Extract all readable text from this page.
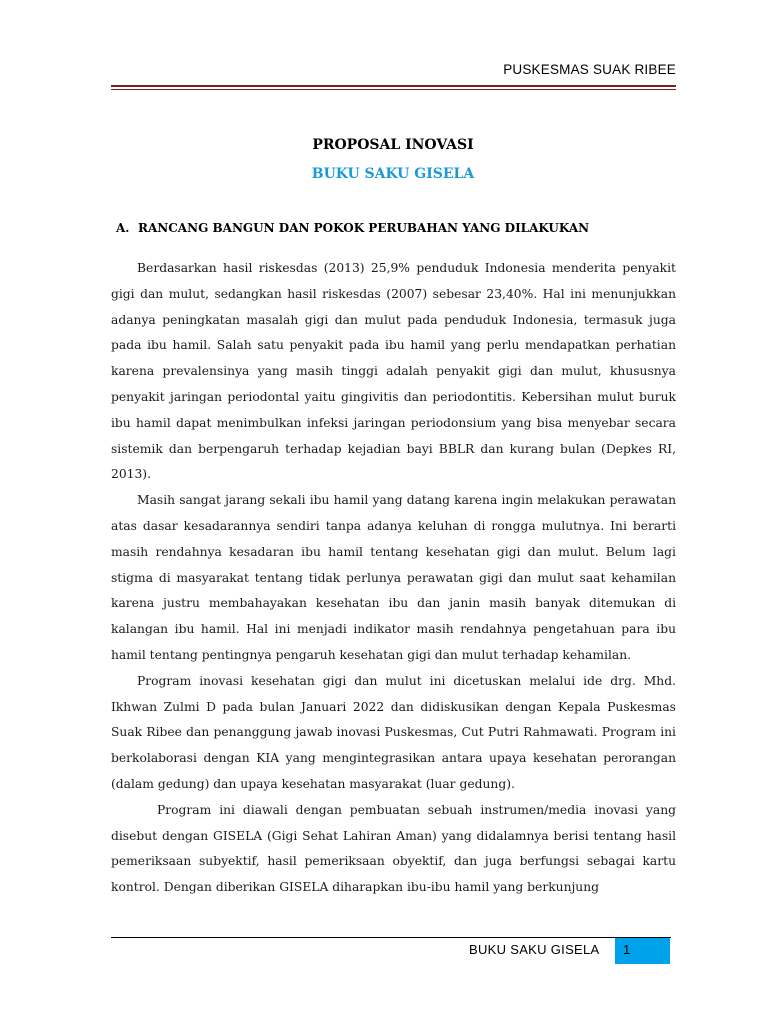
PUSKESMAS SUAK RIBEE
PROPOSAL INOVASI
BUKU SAKU GISELA
A. RANCANG BANGUN DAN POKOK PERUBAHAN YANG DILAKUKAN

Berdasarkan hasil riskesdas (2013) 25,9% penduduk Indonesia menderita penyakit gigi dan mulut, sedangkan hasil riskesdas (2007) sebesar 23,40%. Hal ini menunjukkan adanya peningkatan masalah gigi dan mulut pada penduduk Indonesia, termasuk juga pada ibu hamil. Salah satu penyakit pada ibu hamil yang perlu mendapatkan perhatian karena prevalensinya yang masih tinggi adalah penyakit gigi dan mulut, khususnya penyakit jaringan periodontal yaitu gingivitis dan periodontitis. Kebersihan mulut buruk ibu hamil dapat menimbulkan infeksi jaringan periodonsium yang bisa menyebar secara sistemik dan berpengaruh terhadap kejadian bayi BBLR dan kurang bulan (Depkes RI, 2013).

Masih sangat jarang sekali ibu hamil yang datang karena ingin melakukan perawatan atas dasar kesadarannya sendiri tanpa adanya keluhan di rongga mulutnya. Ini berarti masih rendahnya kesadaran ibu hamil tentang kesehatan gigi dan mulut. Belum lagi stigma di masyarakat tentang tidak perlunya perawatan gigi dan mulut saat kehamilan karena justru membahayakan kesehatan ibu dan janin masih banyak ditemukan di kalangan ibu hamil. Hal ini menjadi indikator masih rendahnya pengetahuan para ibu hamil tentang pentingnya pengaruh kesehatan gigi dan mulut terhadap kehamilan.

Program inovasi kesehatan gigi dan mulut ini dicetuskan melalui ide drg. Mhd. Ikhwan Zulmi D pada bulan Januari 2022 dan didiskusikan dengan Kepala Puskesmas Suak Ribee dan penanggung jawab inovasi Puskesmas, Cut Putri Rahmawati. Program ini berkolaborasi dengan KIA yang mengintegrasikan antara upaya kesehatan perorangan (dalam gedung) dan upaya kesehatan masyarakat (luar gedung).

Program ini diawali dengan pembuatan sebuah instrumen/media inovasi yang disebut dengan GISELA (Gigi Sehat Lahiran Aman) yang didalamnya berisi tentang hasil pemeriksaan subyektif, hasil pemeriksaan obyektif, dan juga berfungsi sebagai kartu kontrol. Dengan diberikan GISELA diharapkan ibu-ibu hamil yang berkunjung

BUKU SAKU GISELA	1
